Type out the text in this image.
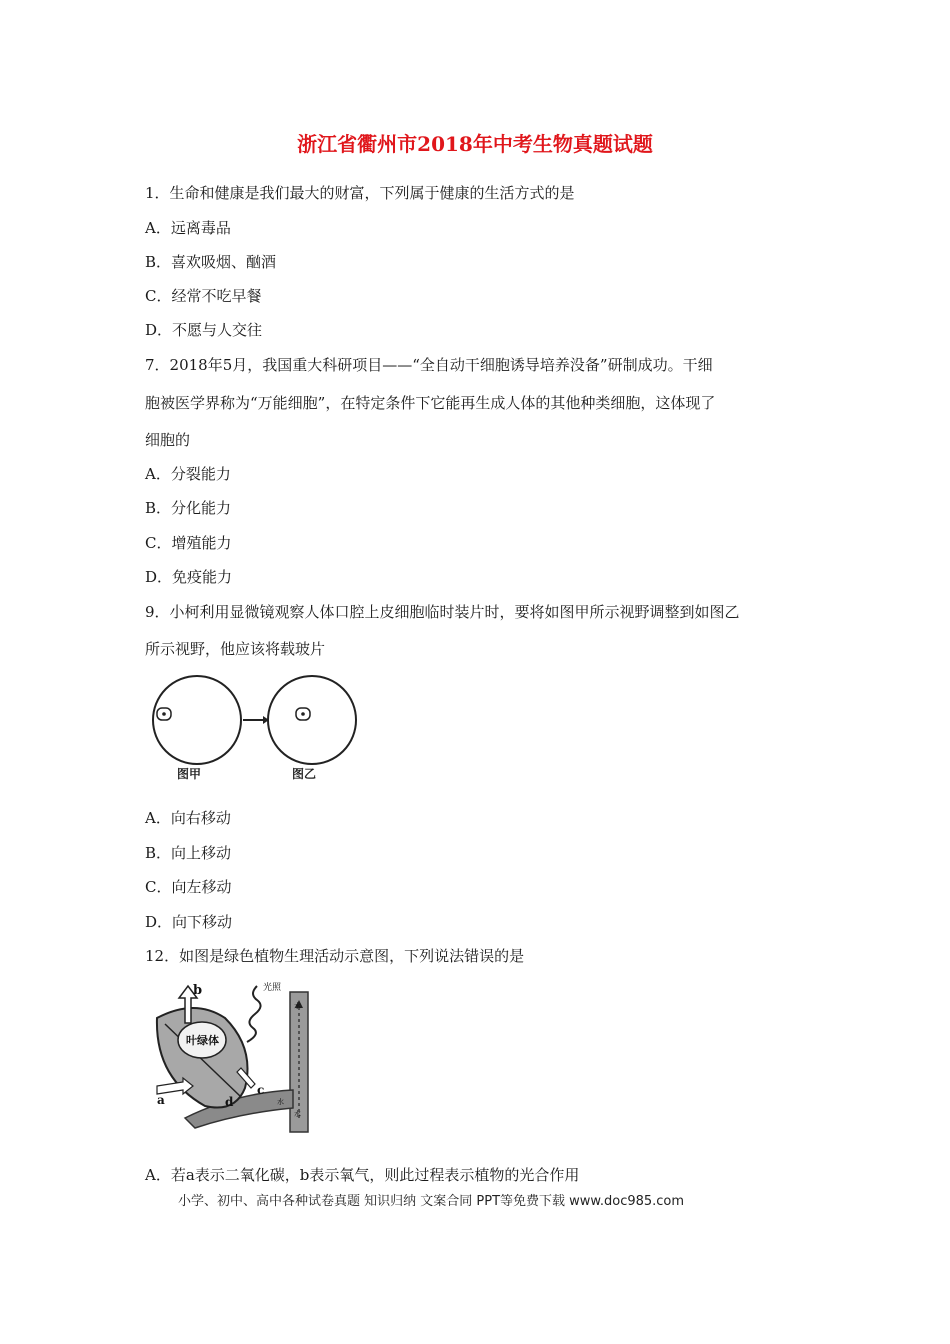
浙江省衢州市2018年中考生物真题试题
1．生命和健康是我们最大的财富，下列属于健康的生活方式的是
A．远离毒品
B．喜欢吸烟、酗酒
C．经常不吃早餐
D．不愿与人交往
7．2018年5月，我国重大科研项目——“全自动干细胞诱导培养没备”研制成功。干细
胞被医学界称为“万能细胞”，在特定条件下它能再生成人体的其他种类细胞，这体现了
细胞的
A．分裂能力
B．分化能力
C．增殖能力
D．免疫能力
9．小柯利用显微镜观察人体口腔上皮细胞临时装片时，要将如图甲所示视野调整到如图乙
所示视野，他应该将载玻片
图甲	图乙
A．向右移动
B．向上移动
C．向左移动
D．向下移动
12．如图是绿色植物生理活动示意图，下列说法错误的是
水
水
水
叶绿体
b	光照
c
a	d
A．若a表示二氧化碳，b表示氧气，则此过程表示植物的光合作用
小学、初中、高中各种试卷真题 知识归纳 文案合同 PPT等免费下载 www.doc985.com
